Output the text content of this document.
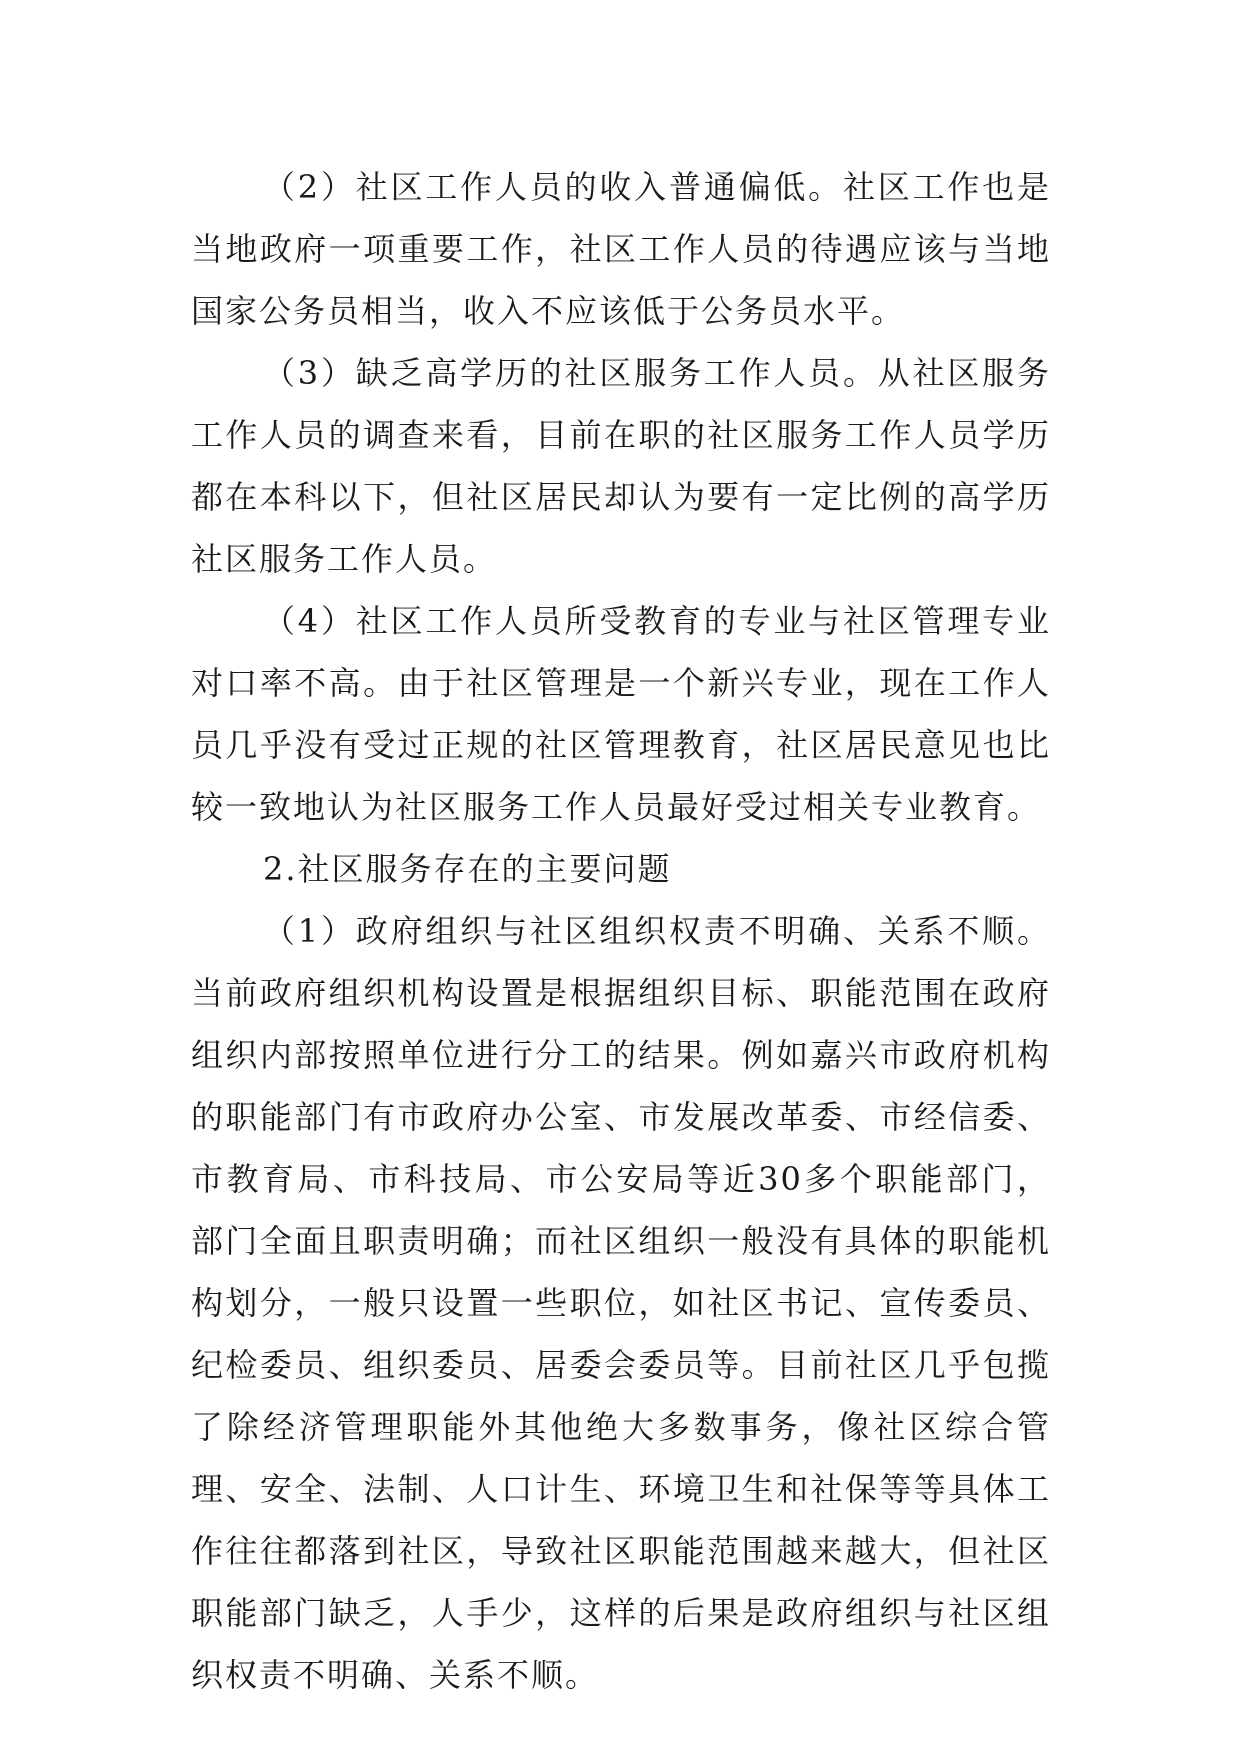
（2）社区工作人员的收入普通偏低。社区工作也是当地政府一项重要工作，社区工作人员的待遇应该与当地国家公务员相当，收入不应该低于公务员水平。

（3）缺乏高学历的社区服务工作人员。从社区服务工作人员的调查来看，目前在职的社区服务工作人员学历都在本科以下，但社区居民却认为要有一定比例的高学历社区服务工作人员。

（4）社区工作人员所受教育的专业与社区管理专业对口率不高。由于社区管理是一个新兴专业，现在工作人员几乎没有受过正规的社区管理教育，社区居民意见也比较一致地认为社区服务工作人员最好受过相关专业教育。

2.社区服务存在的主要问题

（1）政府组织与社区组织权责不明确、关系不顺。当前政府组织机构设置是根据组织目标、职能范围在政府组织内部按照单位进行分工的结果。例如嘉兴市政府机构的职能部门有市政府办公室、市发展改革委、市经信委、市教育局、市科技局、市公安局等近30多个职能部门，部门全面且职责明确；而社区组织一般没有具体的职能机构划分，一般只设置一些职位，如社区书记、宣传委员、纪检委员、组织委员、居委会委员等。目前社区几乎包揽了除经济管理职能外其他绝大多数事务，像社区综合管理、安全、法制、人口计生、环境卫生和社保等等具体工作往往都落到社区，导致社区职能范围越来越大，但社区职能部门缺乏，人手少，这样的后果是政府组织与社区组织权责不明确、关系不顺。
